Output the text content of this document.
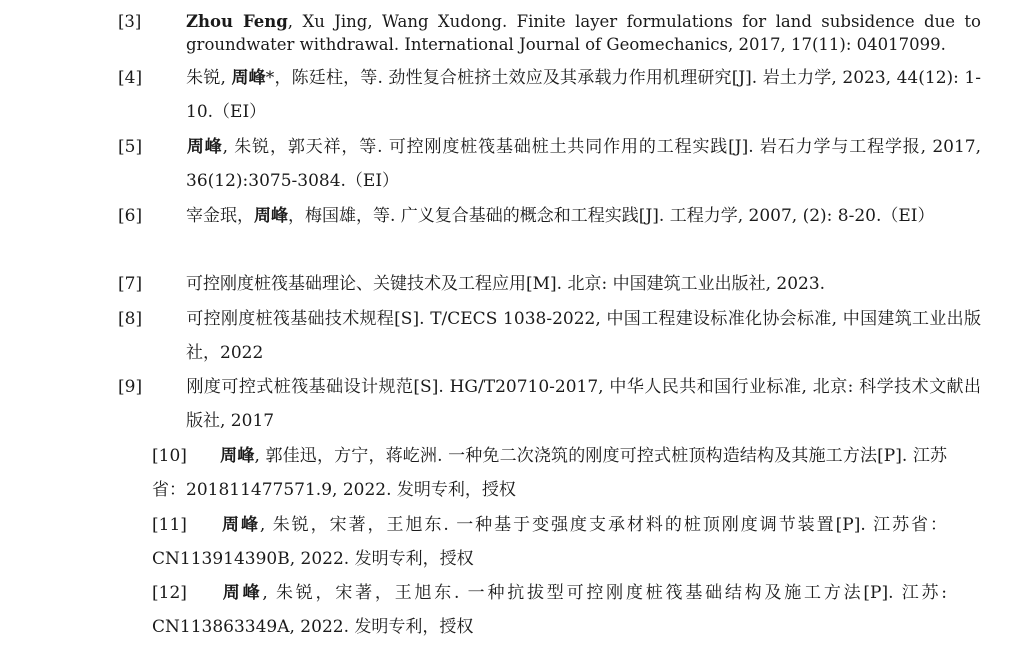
[3]	Zhou Feng, Xu Jing, Wang Xudong. Finite layer formulations for land subsidence due to groundwater withdrawal. International Journal of Geomechanics, 2017, 17(11): 04017099.
[4]	朱锐, 周峰*，陈廷柱，等. 劲性复合桩挤土效应及其承载力作用机理研究[J]. 岩土力学, 2023, 44(12): 1-10.（EI）
[5]	周峰, 朱锐，郭天祥，等. 可控刚度桩筏基础桩土共同作用的工程实践[J]. 岩石力学与工程学报, 2017, 36(12):3075-3084.（EI）
[6]	宰金珉，周峰，梅国雄，等. 广义复合基础的概念和工程实践[J]. 工程力学, 2007, (2): 8-20.（EI）
[7]	可控刚度桩筏基础理论、关键技术及工程应用[M]. 北京: 中国建筑工业出版社, 2023.
[8]	可控刚度桩筏基础技术规程[S]. T/CECS 1038-2022, 中国工程建设标准化协会标准, 中国建筑工业出版社，2022
[9]	刚度可控式桩筏基础设计规范[S]. HG/T20710-2017, 中华人民共和国行业标准, 北京: 科学技术文献出版社, 2017
[10] 周峰, 郭佳迅，方宁，蒋屹洲. 一种免二次浇筑的刚度可控式桩顶构造结构及其施工方法[P]. 江苏省：201811477571.9, 2022. 发明专利，授权
[11] 周峰, 朱锐，宋著，王旭东. 一种基于变强度支承材料的桩顶刚度调节装置[P]. 江苏省：CN113914390B, 2022. 发明专利，授权
[12] 周峰, 朱锐，宋著，王旭东. 一种抗拔型可控刚度桩筏基础结构及施工方法[P]. 江苏: CN113863349A, 2022. 发明专利，授权
